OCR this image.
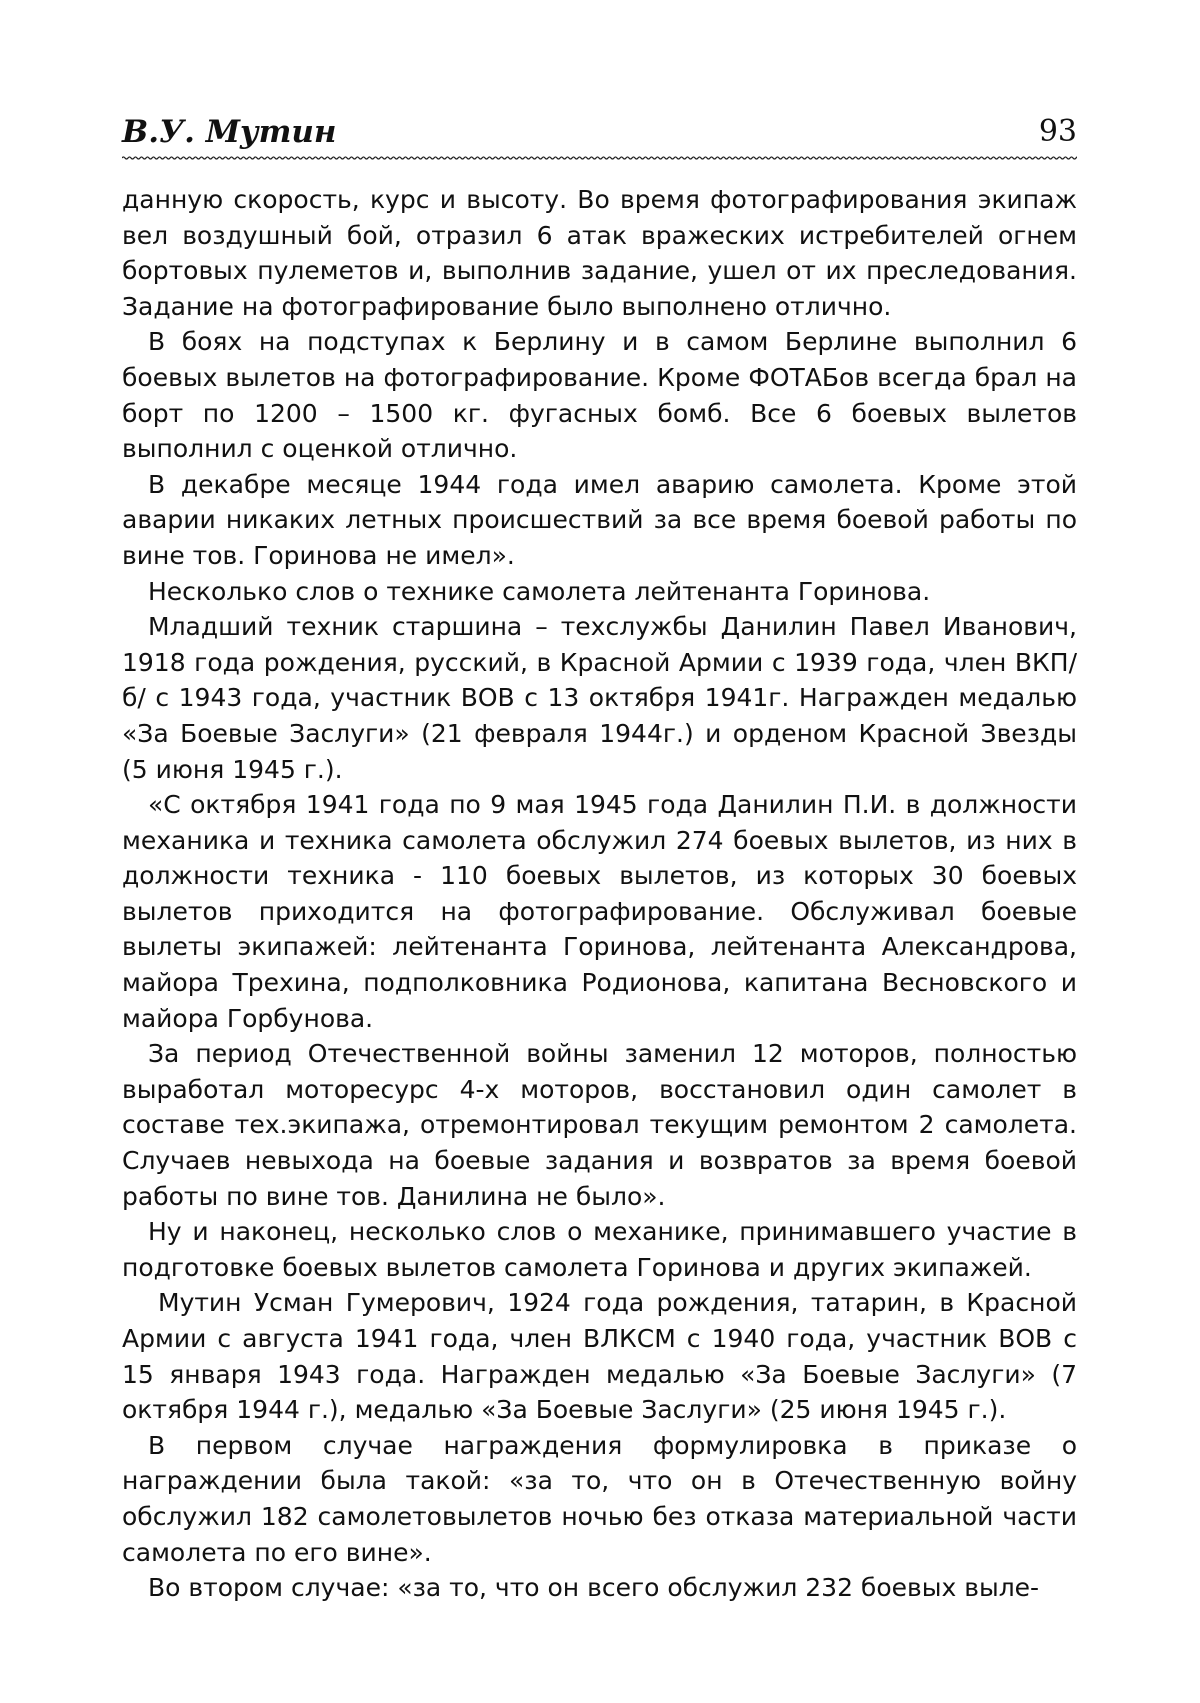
В.У. Мутин	93

данную скорость, курс и высоту. Во время фотографирования экипаж вел воздушный бой, отразил 6 атак вражеских истребителей огнем бортовых пулеметов и, выполнив задание, ушел от их преследования. Задание на фотографирование было выполнено отлично.

В боях на подступах к Берлину и в самом Берлине выполнил 6 боевых вылетов на фотографирование. Кроме ФОТАБов всегда брал на борт по 1200 – 1500 кг. фугасных бомб. Все 6 боевых вылетов выполнил с оценкой отлично.

В декабре месяце 1944 года имел аварию самолета. Кроме этой аварии никаких летных происшествий за все время боевой работы по вине тов. Горинова не имел».

Несколько слов о технике самолета лейтенанта Горинова.

Младший техник старшина – техслужбы Данилин Павел Иванович, 1918 года рождения, русский, в Красной Армии с 1939 года, член ВКП/б/ с 1943 года, участник ВОВ с 13 октября 1941г. Награжден медалью «За Боевые Заслуги» (21 февраля 1944г.) и орденом Красной Звезды (5 июня 1945 г.).

«С октября 1941 года по 9 мая 1945 года Данилин П.И. в должности механика и техника самолета обслужил 274 боевых вылетов, из них в должности техника - 110 боевых вылетов, из которых 30 боевых вылетов приходится на фотографирование. Обслуживал боевые вылеты экипажей: лейтенанта Горинова, лейтенанта Александрова, майора Трехина, подполковника Родионова, капитана Весновского и майора Горбунова.

За период Отечественной войны заменил 12 моторов, полностью выработал моторесурс 4-х моторов, восстановил один самолет в составе тех.экипажа, отремонтировал текущим ремонтом 2 самолета. Случаев невыхода на боевые задания и возвратов за время боевой работы по вине тов. Данилина не было».

Ну и наконец, несколько слов о механике, принимавшего участие в подготовке боевых вылетов самолета Горинова и других экипажей.

Мутин Усман Гумерович, 1924 года рождения, татарин, в Красной Армии с августа 1941 года, член ВЛКСМ с 1940 года, участник ВОВ с 15 января 1943 года. Награжден медалью «За Боевые Заслуги» (7 октября 1944 г.), медалью «За Боевые Заслуги» (25 июня 1945 г.).

В первом случае награждения формулировка в приказе о награждении была такой: «за то, что он в Отечественную войну обслужил 182 самолетовылетов ночью без отказа материальной части самолета по его вине».

Во втором случае: «за то, что он всего обслужил 232 боевых выле-
